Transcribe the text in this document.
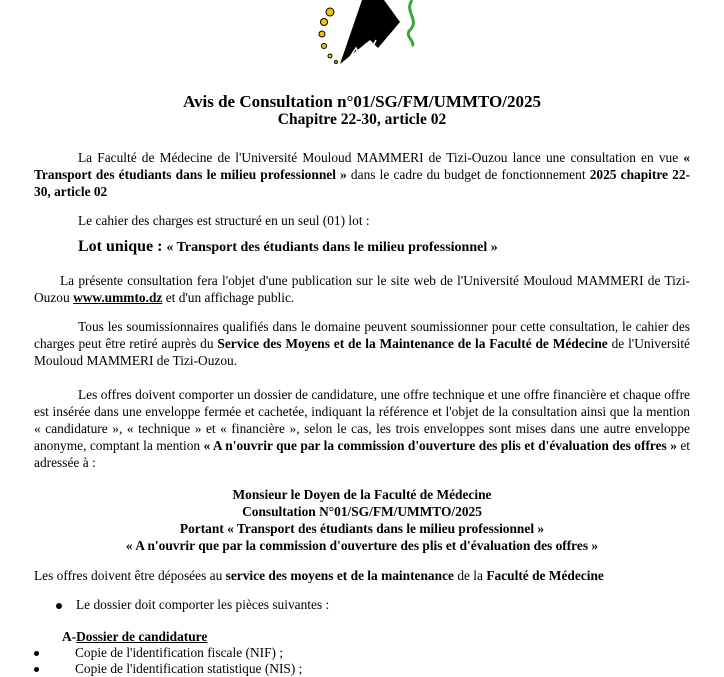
Avis de Consultation n°01/SG/FM/UMMTO/2025
Chapitre 22-30, article 02

La Faculté de Médecine de l'Université Mouloud MAMMERI de Tizi-Ouzou lance une consultation en vue « Transport des étudiants dans le milieu professionnel » dans le cadre du budget de fonctionnement 2025 chapitre 22-30, article 02

Le cahier des charges est structuré en un seul (01) lot :

Lot unique : « Transport des étudiants dans le milieu professionnel »

La présente consultation fera l'objet d'une publication sur le site web de l'Université Mouloud MAMMERI de Tizi-Ouzou www.ummto.dz et d'un affichage public.

Tous les soumissionnaires qualifiés dans le domaine peuvent soumissionner pour cette consultation, le cahier des charges peut être retiré auprès du Service des Moyens et de la Maintenance de la Faculté de Médecine de l'Université Mouloud MAMMERI de Tizi-Ouzou.

Les offres doivent comporter un dossier de candidature, une offre technique et une offre financière et chaque offre est insérée dans une enveloppe fermée et cachetée, indiquant la référence et l'objet de la consultation ainsi que la mention « candidature », « technique » et « financière », selon le cas, les trois enveloppes sont mises dans une autre enveloppe anonyme, comptant la mention « A n'ouvrir que par la commission d'ouverture des plis et d'évaluation des offres » et adressée à :

Monsieur le Doyen de la Faculté de Médecine
Consultation N°01/SG/FM/UMMTO/2025
Portant « Transport des étudiants dans le milieu professionnel »
« A n'ouvrir que par la commission d'ouverture des plis et d'évaluation des offres »

Les offres doivent être déposées au service des moyens et de la maintenance de la Faculté de Médecine

Le dossier doit comporter les pièces suivantes :
A-Dossier de candidature
Copie de l'identification fiscale (NIF) ;
Copie de l'identification statistique (NIS) ;
